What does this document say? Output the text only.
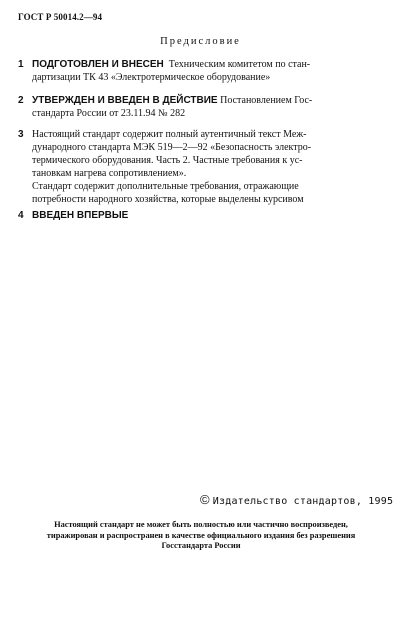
ГОСТ Р 50014.2—94
Предисловие
1 ПОДГОТОВЛЕН И ВНЕСЕН Техническим комитетом по стан-
дартизации ТК 43 «Электротермическое оборудование»
2 УТВЕРЖДЕН И ВВЕДЕН В ДЕЙСТВИЕ Постановлением Гос-
стандарта России от 23.11.94 № 282
3 Настоящий стандарт содержит полный аутентичный текст Меж-
дународного стандарта МЭК 519—2—92 «Безопасность электро-
термического оборудования. Часть 2. Частные требования к ус-
тановкам нагрева сопротивлением».
Стандарт содержит дополнительные требования, отражающие
потребности народного хозяйства, которые выделены курсивом
4 ВВЕДЕН ВПЕРВЫЕ
© Издательство стандартов, 1995
Настоящий стандарт не может быть полностью или частично воспроизведен,
тиражирован и распространен в качестве официального издания без разрешения
Госстандарта России
